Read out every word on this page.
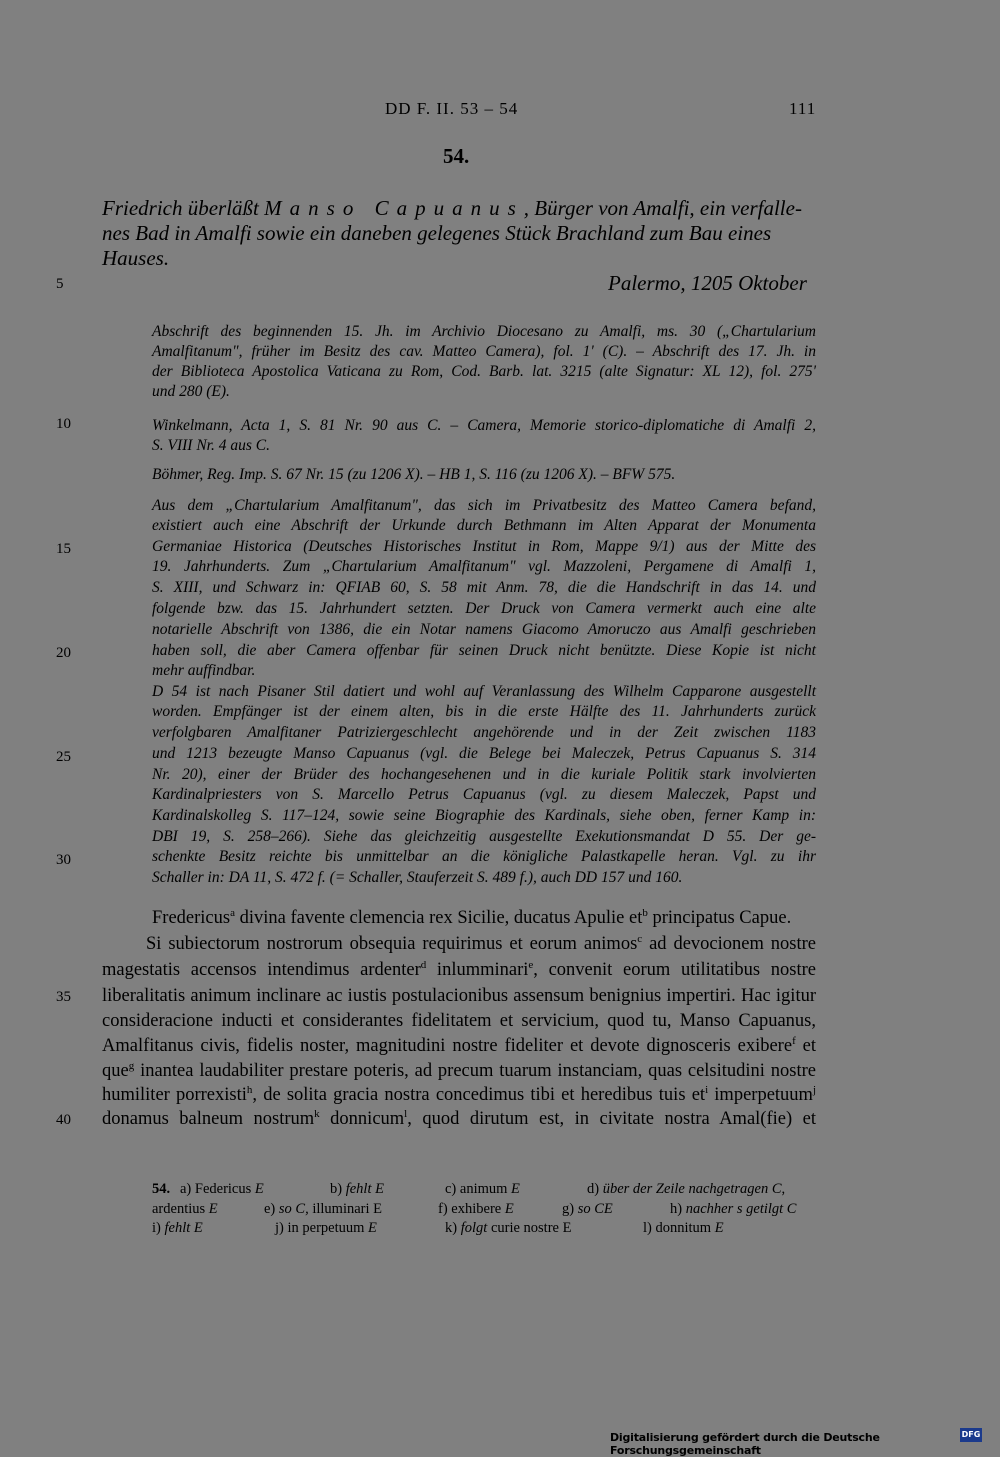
DD F. II. 53 – 54	111
54.
5
10
15
20
25
30
35
40
Friedrich überläßt Manso Capuanus, Bürger von Amalfi, ein verfalle-
nes Bad in Amalfi sowie ein daneben gelegenes Stück Brachland zum Bau eines
Hauses.
Palermo, 1205 Oktober
Abschrift des beginnenden 15. Jh. im Archivio Diocesano zu Amalfi, ms. 30 („Chartularium
Amalfitanum", früher im Besitz des cav. Matteo Camera), fol. 1' (C). – Abschrift des 17. Jh. in
der Biblioteca Apostolica Vaticana zu Rom, Cod. Barb. lat. 3215 (alte Signatur: XL 12), fol. 275'
und 280 (E).
Winkelmann, Acta 1, S. 81 Nr. 90 aus C. – Camera, Memorie storico-diplomatiche di Amalfi 2,
S. VIII Nr. 4 aus C.
Böhmer, Reg. Imp. S. 67 Nr. 15 (zu 1206 X). – HB 1, S. 116 (zu 1206 X). – BFW 575.
Aus dem „Chartularium Amalfitanum", das sich im Privatbesitz des Matteo Camera befand,
existiert auch eine Abschrift der Urkunde durch Bethmann im Alten Apparat der Monumenta
Germaniae Historica (Deutsches Historisches Institut in Rom, Mappe 9/1) aus der Mitte des
19. Jahrhunderts. Zum „Chartularium Amalfitanum" vgl. Mazzoleni, Pergamene di Amalfi 1,
S. XIII, und Schwarz in: QFIAB 60, S. 58 mit Anm. 78, die die Handschrift in das 14. und
folgende bzw. das 15. Jahrhundert setzten. Der Druck von Camera vermerkt auch eine alte
notarielle Abschrift von 1386, die ein Notar namens Giacomo Amoruczo aus Amalfi geschrieben
haben soll, die aber Camera offenbar für seinen Druck nicht benützte. Diese Kopie ist nicht
mehr auffindbar.
D 54 ist nach Pisaner Stil datiert und wohl auf Veranlassung des Wilhelm Capparone ausgestellt
worden. Empfänger ist der einem alten, bis in die erste Hälfte des 11. Jahrhunderts zurück
verfolgbaren Amalfitaner Patriziergeschlecht angehörende und in der Zeit zwischen 1183
und 1213 bezeugte Manso Capuanus (vgl. die Belege bei Maleczek, Petrus Capuanus S. 314
Nr. 20), einer der Brüder des hochangesehenen und in die kuriale Politik stark involvierten
Kardinalpriesters von S. Marcello Petrus Capuanus (vgl. zu diesem Maleczek, Papst und
Kardinalskolleg S. 117–124, sowie seine Biographie des Kardinals, siehe oben, ferner Kamp in:
DBI 19, S. 258–266). Siehe das gleichzeitig ausgestellte Exekutionsmandat D 55. Der ge-
schenkte Besitz reichte bis unmittelbar an die königliche Palastkapelle heran. Vgl. zu ihr
Schaller in: DA 11, S. 472 f. (= Schaller, Stauferzeit S. 489 f.), auch DD 157 und 160.
Fredericus$^a$ divina favente clemencia rex Sicilie, ducatus Apulie $et^b$ principatus Capue.
Si subiectorum nostrorum obsequia requirimus et eorum animos$^c$ ad devocionem nostre
magestatis accensos intendimus ardenter$^d$ inlumminari$^e$, convenit eorum utilitatibus nostre
liberalitatis animum inclinare ac iustis postulacionibus assensum benignius impertiri. Hac igitur
consideracione inducti et considerantes fidelitatem et servicium, quod tu, Manso Capuanus,
Amalfitanus civis, fidelis noster, magnitudini nostre fideliter et devote dignosceris exibere$^f$ et
que$^g$ inantea laudabiliter prestare poteris, ad precum tuarum instanciam, quas celsitudini nostre
humiliter porrexisti$^h$, de solita gracia nostra concedimus tibi et heredibus tuis $et^i$ imperpetuum$^j$
donamus balneum nostrum$^k$ donnicum$^l$, quod dirutum est, in civitate nostra Amal(fie) et
54. a) Federicus E	b) fehlt E	c) animum E	d) über der Zeile nachgetragen C,
ardentius E	e) so C, illuminari E	f) exhibere E	g) so CE	h) nachher s getilgt C
i) fehlt E	j) in perpetuum E	k) folgt curie nostre E	l) donnitum E
Digitalisierung gefördert durch die Deutsche Forschungsgemeinschaft
DFG
